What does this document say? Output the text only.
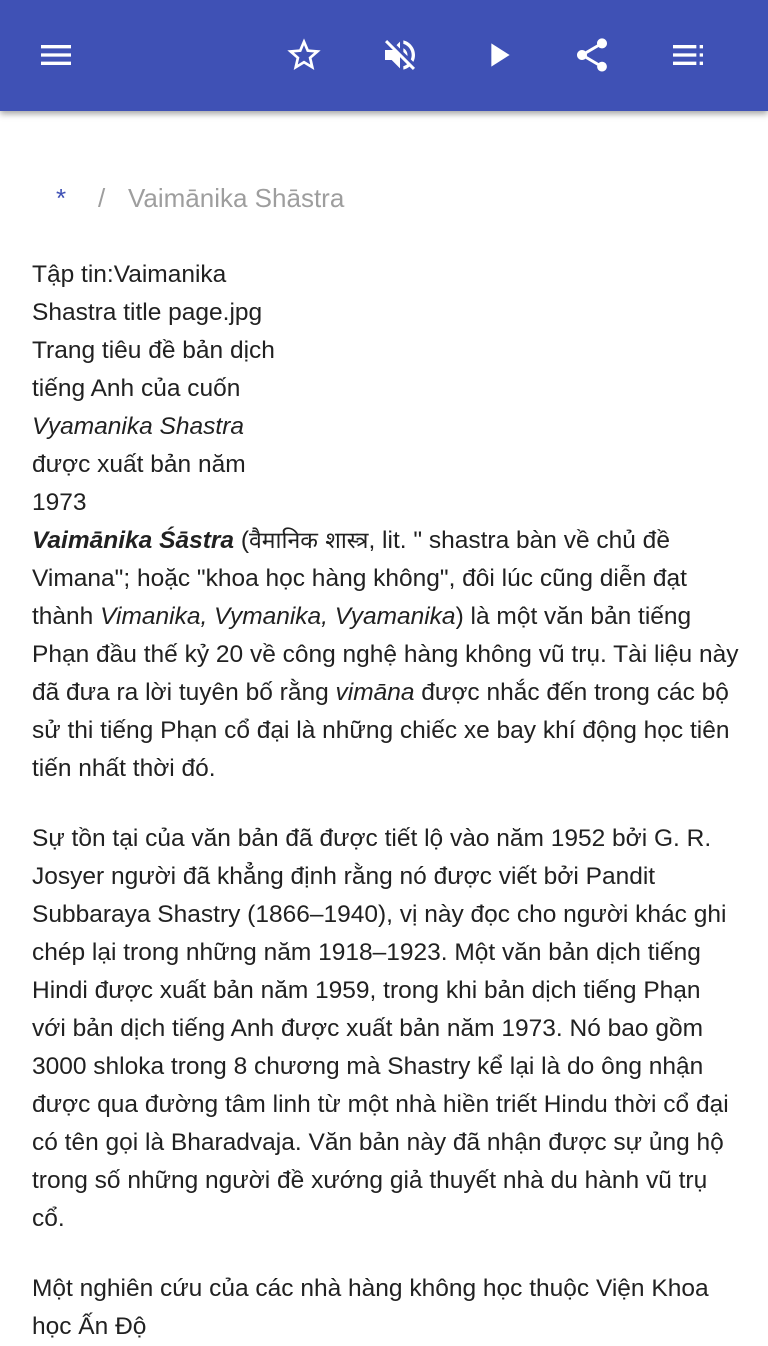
* / Vaimānika Shāstra
Tập tin:Vaimanika Shastra title page.jpg
Trang tiêu đề bản dịch tiếng Anh của cuốn Vyamanika Shastra được xuất bản năm 1973

Vaimānika Śāstra (वैमानिक शास्त्र, lit. " shastra bàn về chủ đề Vimana"; hoặc "khoa học hàng không", đôi lúc cũng diễn đạt thành Vimanika, Vymanika, Vyamanika) là một văn bản tiếng Phạn đầu thế kỷ 20 về công nghệ hàng không vũ trụ. Tài liệu này đã đưa ra lời tuyên bố rằng vimāna được nhắc đến trong các bộ sử thi tiếng Phạn cổ đại là những chiếc xe bay khí động học tiên tiến nhất thời đó.

Sự tồn tại của văn bản đã được tiết lộ vào năm 1952 bởi G. R. Josyer người đã khẳng định rằng nó được viết bởi Pandit Subbaraya Shastry (1866–1940), vị này đọc cho người khác ghi chép lại trong những năm 1918–1923. Một văn bản dịch tiếng Hindi được xuất bản năm 1959, trong khi bản dịch tiếng Phạn với bản dịch tiếng Anh được xuất bản năm 1973. Nó bao gồm 3000 shloka trong 8 chương mà Shastry kể lại là do ông nhận được qua đường tâm linh từ một nhà hiền triết Hindu thời cổ đại có tên gọi là Bharadvaja. Văn bản này đã nhận được sự ủng hộ trong số những người đề xướng giả thuyết nhà du hành vũ trụ cổ.

Một nghiên cứu của các nhà hàng không học thuộc Viện Khoa học Ấn Độ
